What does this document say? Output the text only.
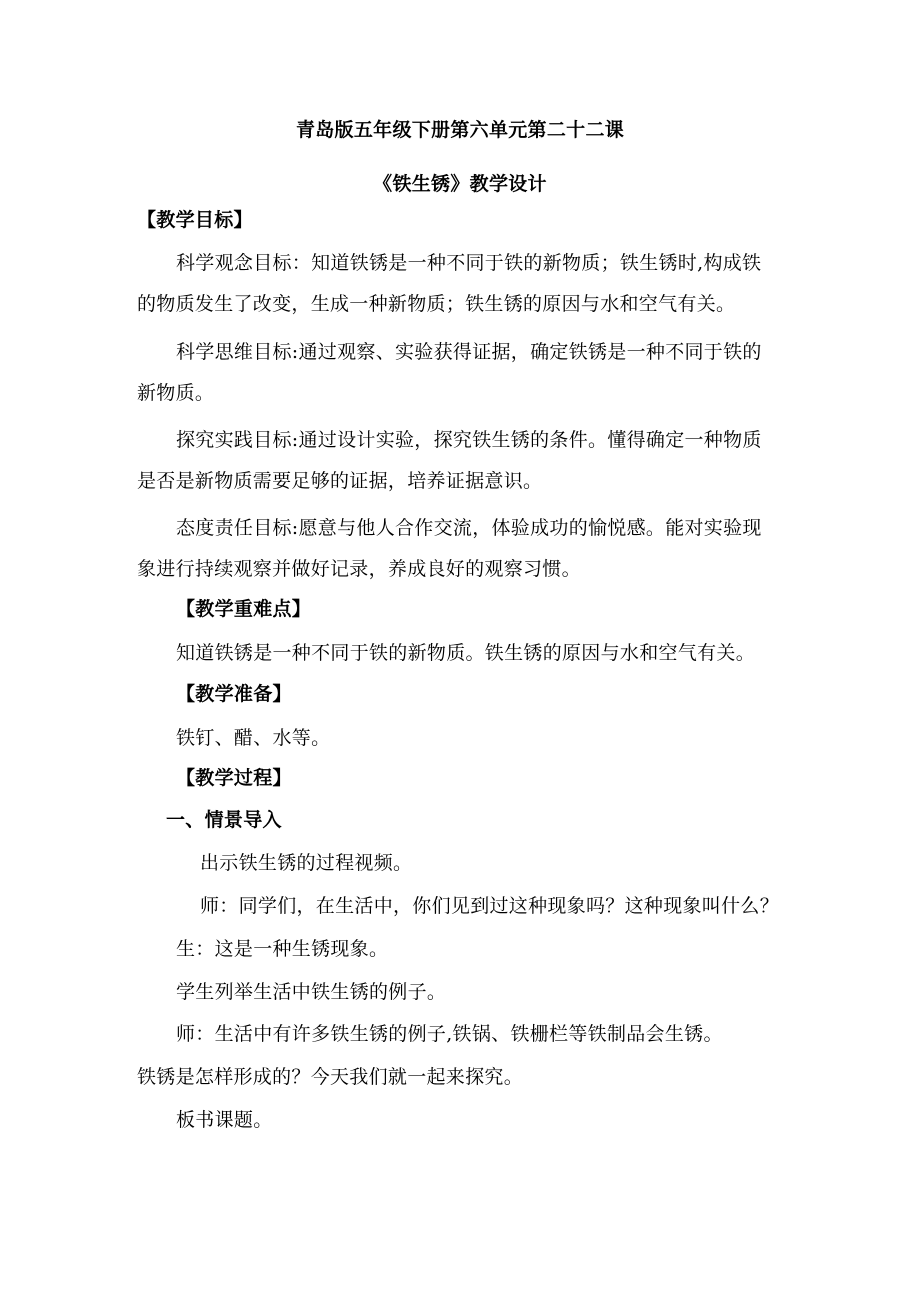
青岛版五年级下册第六单元第二十二课
《铁生锈》教学设计
【教学目标】
科学观念目标：知道铁锈是一种不同于铁的新物质；铁生锈时,构成铁
的物质发生了改变，生成一种新物质；铁生锈的原因与水和空气有关。
科学思维目标:通过观察、实验获得证据，确定铁锈是一种不同于铁的
新物质。
探究实践目标:通过设计实验，探究铁生锈的条件。懂得确定一种物质
是否是新物质需要足够的证据，培养证据意识。
态度责任目标:愿意与他人合作交流，体验成功的愉悦感。能对实验现
象进行持续观察并做好记录，养成良好的观察习惯。
【教学重难点】
知道铁锈是一种不同于铁的新物质。铁生锈的原因与水和空气有关。
【教学准备】
铁钉、醋、水等。
【教学过程】
一、情景导入
出示铁生锈的过程视频。
师：同学们，在生活中，你们见到过这种现象吗？这种现象叫什么？
生：这是一种生锈现象。
学生列举生活中铁生锈的例子。
师：生活中有许多铁生锈的例子,铁锅、铁栅栏等铁制品会生锈。
铁锈是怎样形成的？今天我们就一起来探究。
板书课题。
